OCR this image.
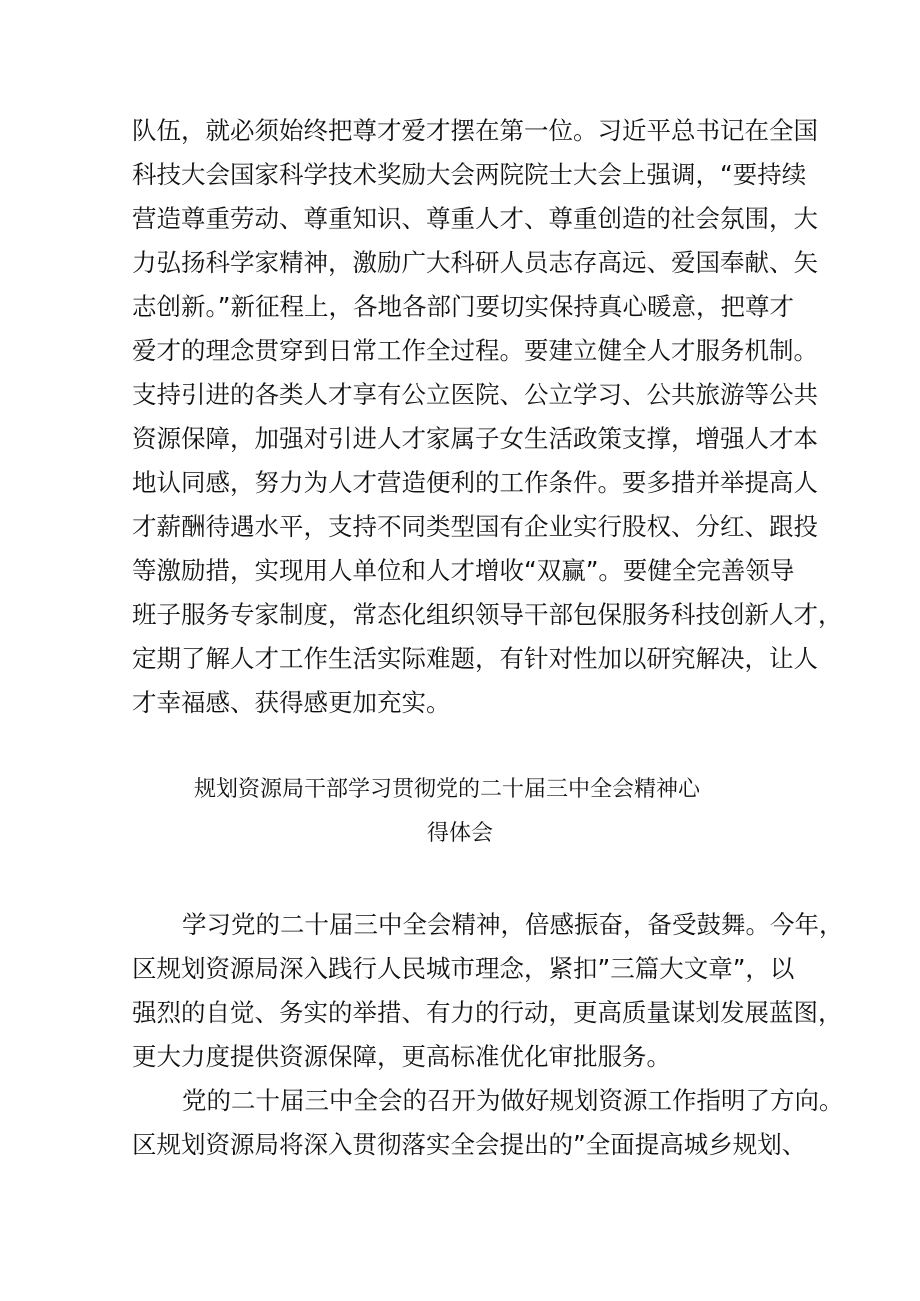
队伍，就必须始终把尊才爱才摆在第一位。习近平总书记在全国
科技大会国家科学技术奖励大会两院院士大会上强调，“要持续
营造尊重劳动、尊重知识、尊重人才、尊重创造的社会氛围，大
力弘扬科学家精神，激励广大科研人员志存高远、爱国奉献、矢
志创新。”新征程上，各地各部门要切实保持真心暖意，把尊才
爱才的理念贯穿到日常工作全过程。要建立健全人才服务机制。
支持引进的各类人才享有公立医院、公立学习、公共旅游等公共
资源保障，加强对引进人才家属子女生活政策支撑，增强人才本
地认同感，努力为人才营造便利的工作条件。要多措并举提高人
才薪酬待遇水平，支持不同类型国有企业实行股权、分红、跟投
等激励措，实现用人单位和人才增收“双赢”。要健全完善领导
班子服务专家制度，常态化组织领导干部包保服务科技创新人才，
定期了解人才工作生活实际难题，有针对性加以研究解决，让人
才幸福感、获得感更加充实。
规划资源局干部学习贯彻党的二十届三中全会精神心
得体会
学习党的二十届三中全会精神，倍感振奋，备受鼓舞。今年，
区规划资源局深入践行人民城市理念，紧扣”三篇大文章”，以
强烈的自觉、务实的举措、有力的行动，更高质量谋划发展蓝图，
更大力度提供资源保障，更高标准优化审批服务。
党的二十届三中全会的召开为做好规划资源工作指明了方向。
区规划资源局将深入贯彻落实全会提出的”全面提高城乡规划、
